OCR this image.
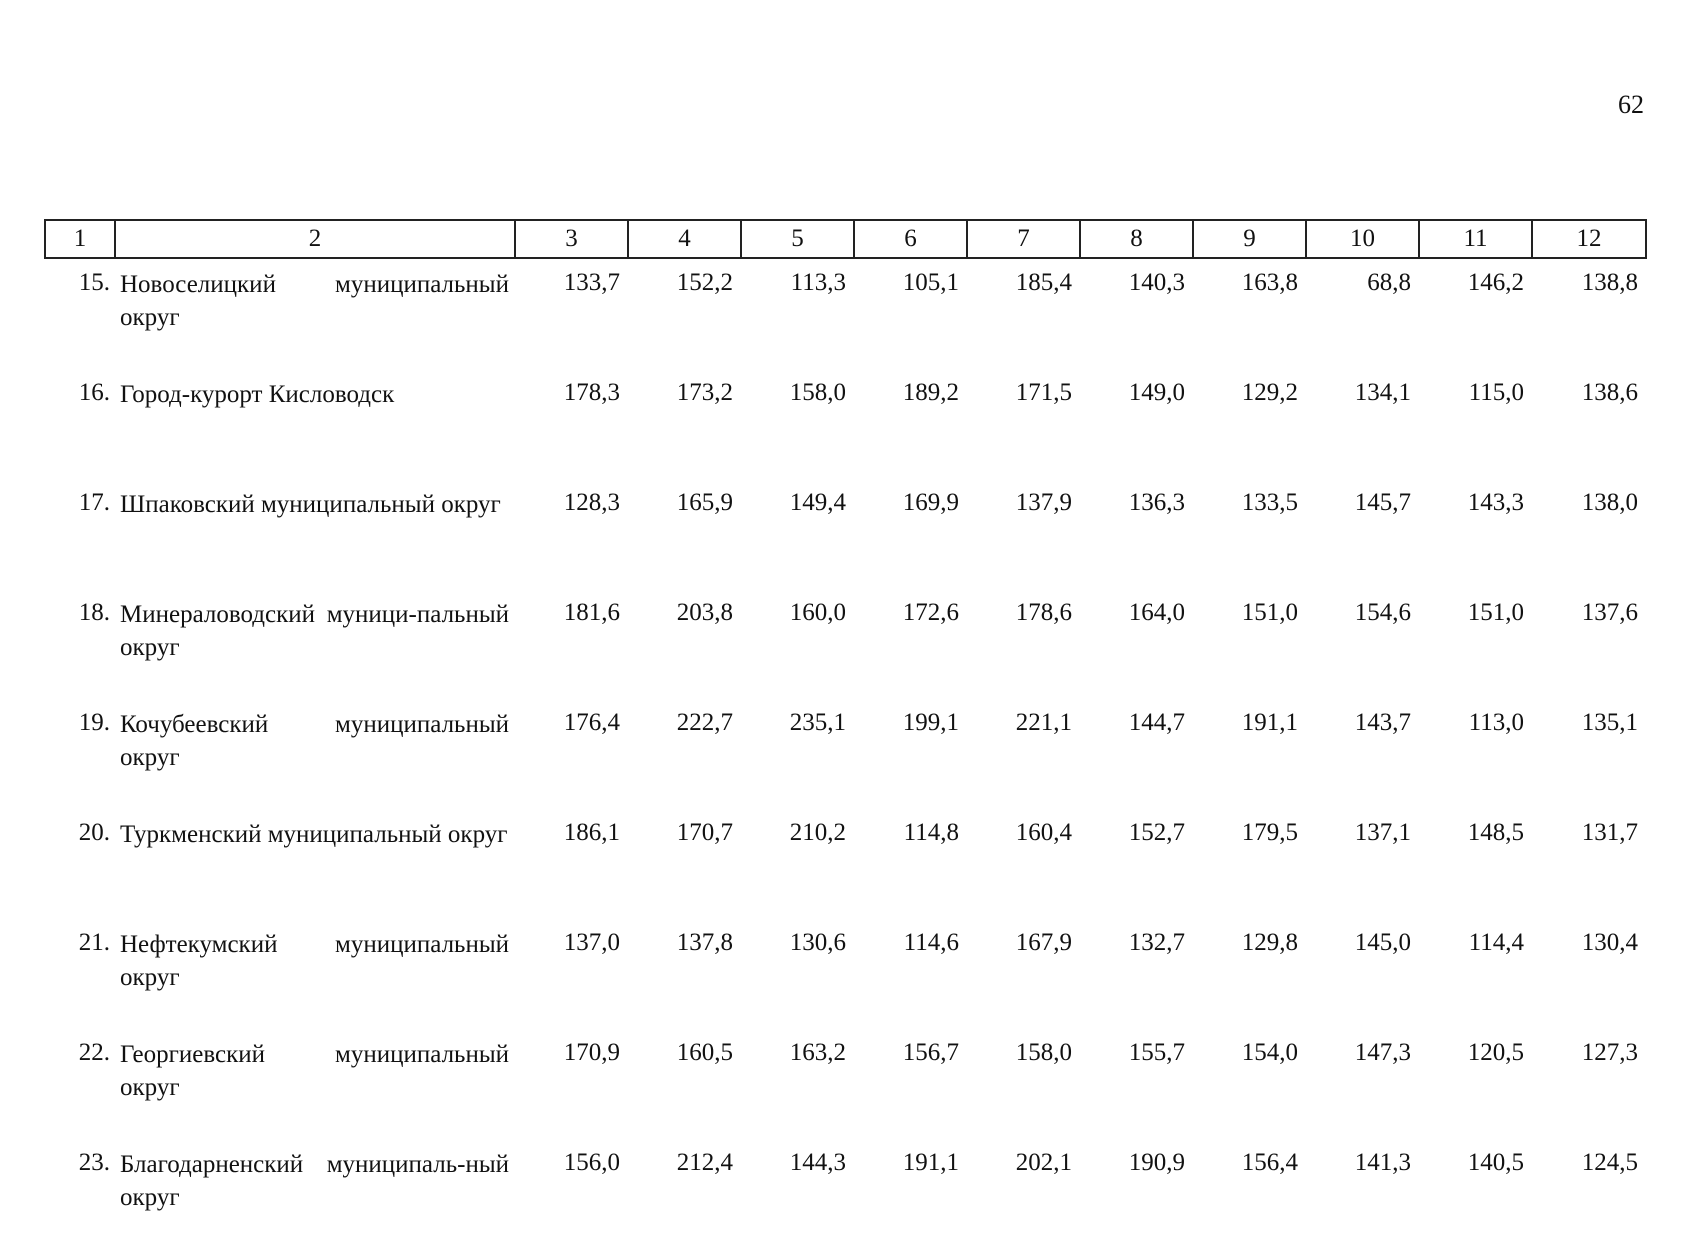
62
1	2	3	4	5	6	7	8	9	10	11	12

15. Новоселицкий муниципальный округ		133,7	152,2	113,3	105,1	185,4	140,3	163,8	68,8	146,2	138,8

16. Город-курорт Кисловодск		178,3	173,2	158,0	189,2	171,5	149,0	129,2	134,1	115,0	138,6

17. Шпаковский муниципальный округ		128,3	165,9	149,4	169,9	137,9	136,3	133,5	145,7	143,3	138,0

18. Минераловодский муници-пальный округ		181,6	203,8	160,0	172,6	178,6	164,0	151,0	154,6	151,0	137,6

19. Кочубеевский муниципальный округ		176,4	222,7	235,1	199,1	221,1	144,7	191,1	143,7	113,0	135,1

20. Туркменский муниципальный округ		186,1	170,7	210,2	114,8	160,4	152,7	179,5	137,1	148,5	131,7

21. Нефтекумский муниципальный округ		137,0	137,8	130,6	114,6	167,9	132,7	129,8	145,0	114,4	130,4

22. Георгиевский муниципальный округ		170,9	160,5	163,2	156,7	158,0	155,7	154,0	147,3	120,5	127,3

23. Благодарненский муниципаль-ный округ		156,0	212,4	144,3	191,1	202,1	190,9	156,4	141,3	140,5	124,5
